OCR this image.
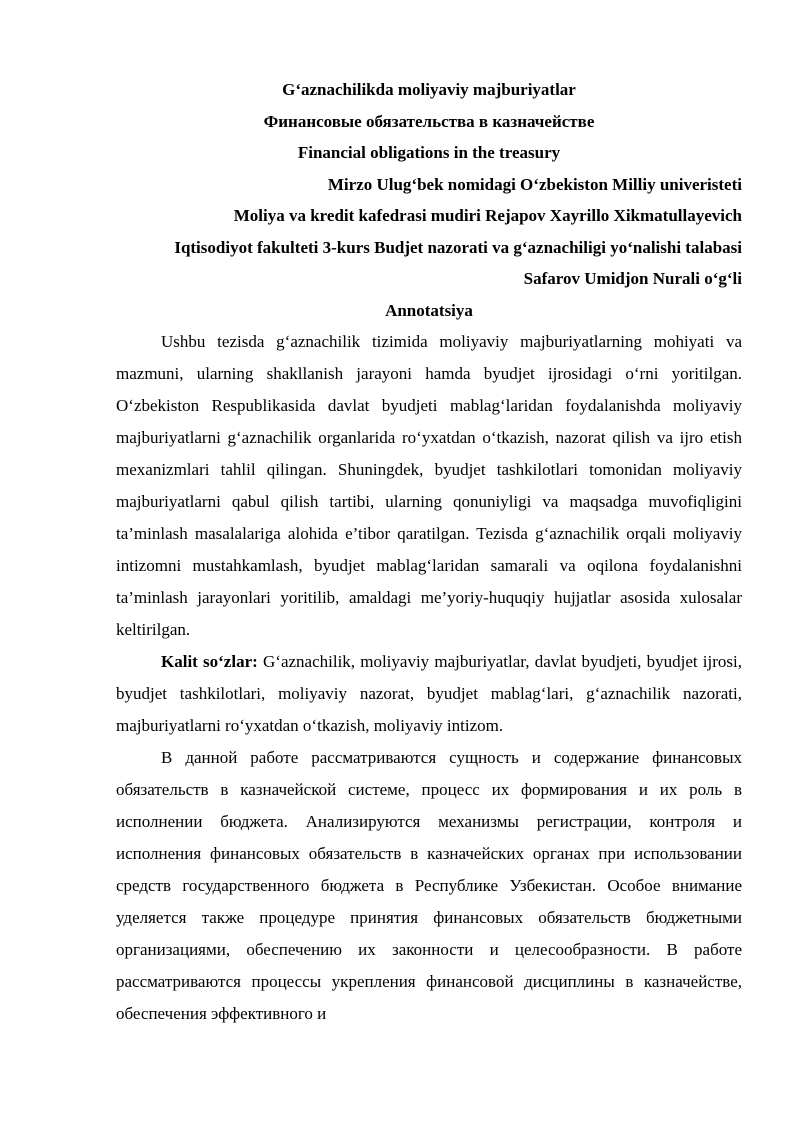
G‘aznachilikda moliyaviy majburiyatlar

Финансовые обязательства в казначействе

Financial obligations in the treasury

Mirzo Ulug‘bek nomidagi O‘zbekiston Milliy univeristeti

Moliya va kredit kafedrasi mudiri Rejapov Xayrillo Xikmatullayevich

Iqtisodiyot fakulteti 3-kurs Budjet nazorati va g‘aznachiligi yo‘nalishi talabasi

Safarov Umidjon Nurali o‘g‘li

Annotatsiya

Ushbu tezisda g‘aznachilik tizimida moliyaviy majburiyatlarning mohiyati va mazmuni, ularning shakllanish jarayoni hamda byudjet ijrosidagi o‘rni yoritilgan. O‘zbekiston Respublikasida davlat byudjeti mablag‘laridan foydalanishda moliyaviy majburiyatlarni g‘aznachilik organlarida ro‘yxatdan o‘tkazish, nazorat qilish va ijro etish mexanizmlari tahlil qilingan. Shuningdek, byudjet tashkilotlari tomonidan moliyaviy majburiyatlarni qabul qilish tartibi, ularning qonuniyligi va maqsadga muvofiqligini ta’minlash masalalariga alohida e’tibor qaratilgan. Tezisda g‘aznachilik orqali moliyaviy intizomni mustahkamlash, byudjet mablag‘laridan samarali va oqilona foydalanishni ta’minlash jarayonlari yoritilib, amaldagi me’yoriy-huquqiy hujjatlar asosida xulosalar keltirilgan.

Kalit so‘zlar: G‘aznachilik, moliyaviy majburiyatlar, davlat byudjeti, byudjet ijrosi, byudjet tashkilotlari, moliyaviy nazorat, byudjet mablag‘lari, g‘aznachilik nazorati, majburiyatlarni ro‘yxatdan o‘tkazish, moliyaviy intizom.

В данной работе рассматриваются сущность и содержание финансовых обязательств в казначейской системе, процесс их формирования и их роль в исполнении бюджета. Анализируются механизмы регистрации, контроля и исполнения финансовых обязательств в казначейских органах при использовании средств государственного бюджета в Республике Узбекистан. Особое внимание уделяется также процедуре принятия финансовых обязательств бюджетными организациями, обеспечению их законности и целесообразности. В работе рассматриваются процессы укрепления финансовой дисциплины в казначействе, обеспечения эффективного и
